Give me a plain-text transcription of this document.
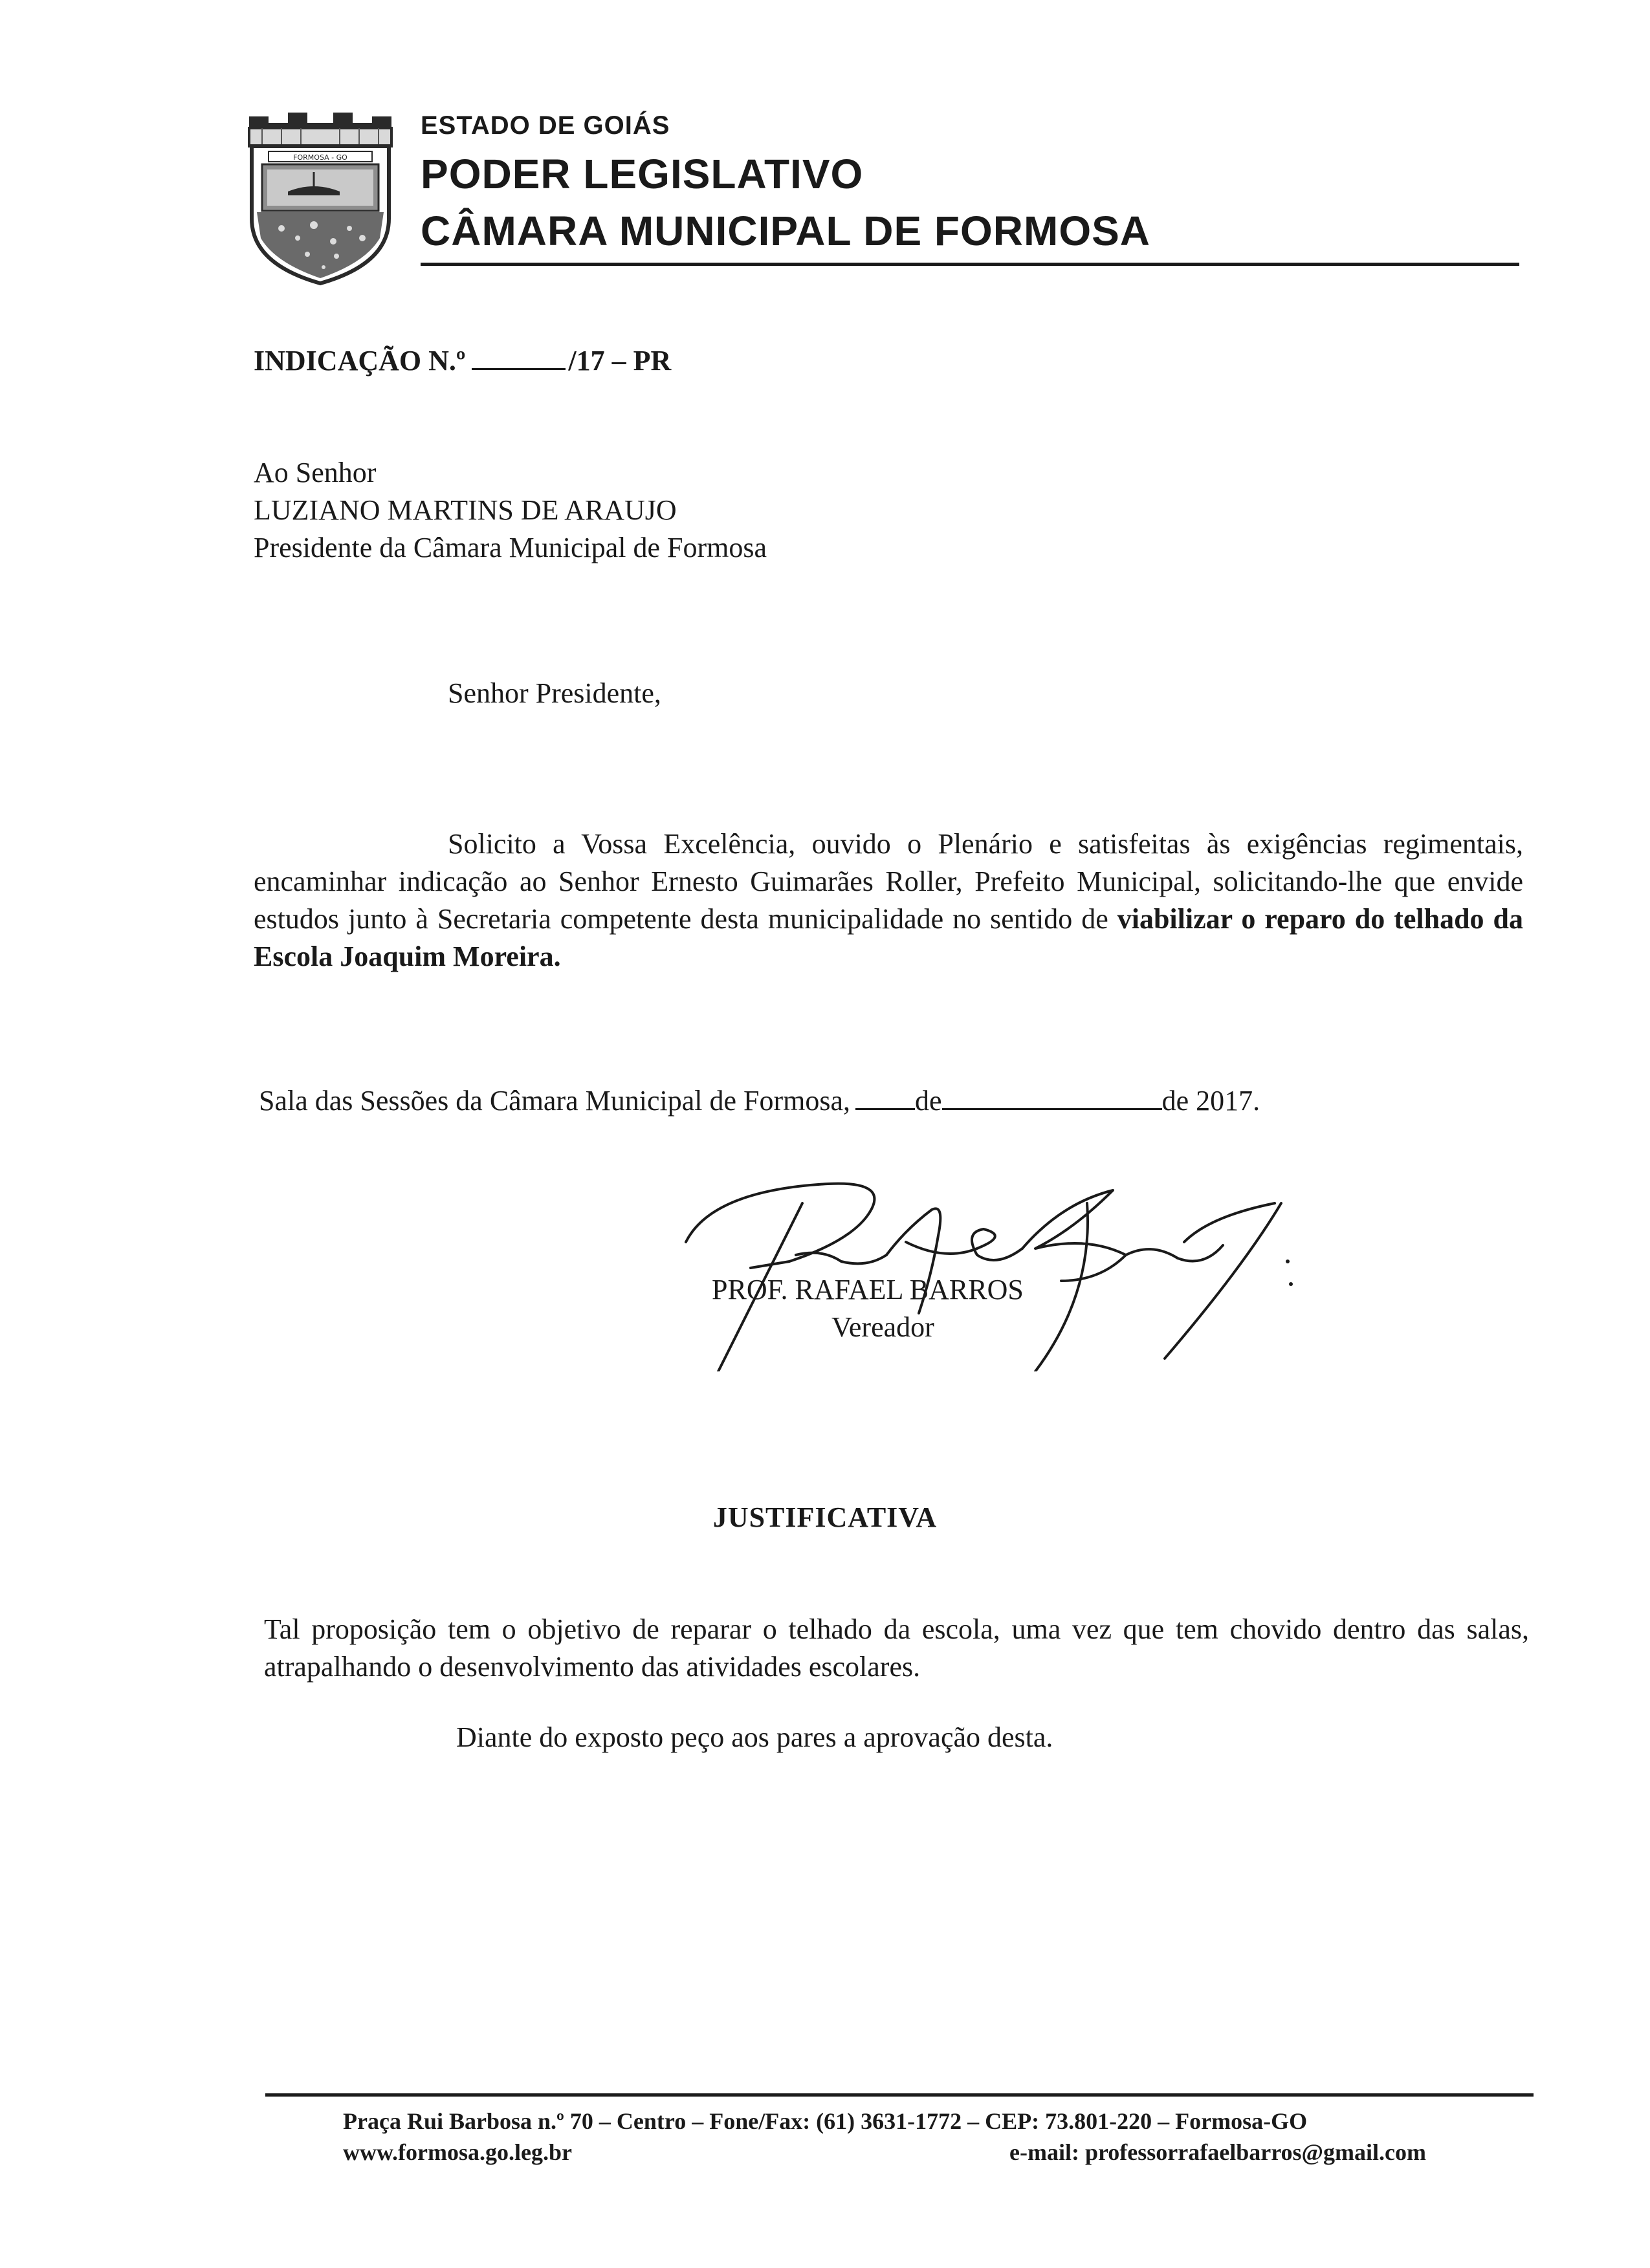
FORMOSA - GO
ESTADO DE GOIÁS
PODER LEGISLATIVO
CÂMARA MUNICIPAL DE FORMOSA
INDICAÇÃO N.º	/17 – PR
Ao Senhor
LUZIANO MARTINS DE ARAUJO
Presidente da Câmara Municipal de Formosa
Senhor Presidente,
Solicito a Vossa Excelência, ouvido o Plenário e satisfeitas às exigências regimentais, encaminhar indicação ao Senhor Ernesto Guimarães Roller, Prefeito Municipal, solicitando-lhe que envide estudos junto à Secretaria competente desta municipalidade no sentido de viabilizar o reparo do telhado da Escola Joaquim Moreira.
Sala das Sessões da Câmara Municipal de Formosa, de	de 2017.
PROF. RAFAEL BARROS
Vereador
JUSTIFICATIVA
Tal proposição tem o objetivo de reparar o telhado da escola, uma vez que tem chovido dentro das salas, atrapalhando o desenvolvimento das atividades escolares.
Diante do exposto peço aos pares a aprovação desta.
Praça Rui Barbosa n.º 70 – Centro – Fone/Fax: (61) 3631-1772 – CEP: 73.801-220 – Formosa-GO
www.formosa.go.leg.br	e-mail: professorrafaelbarros@gmail.com
